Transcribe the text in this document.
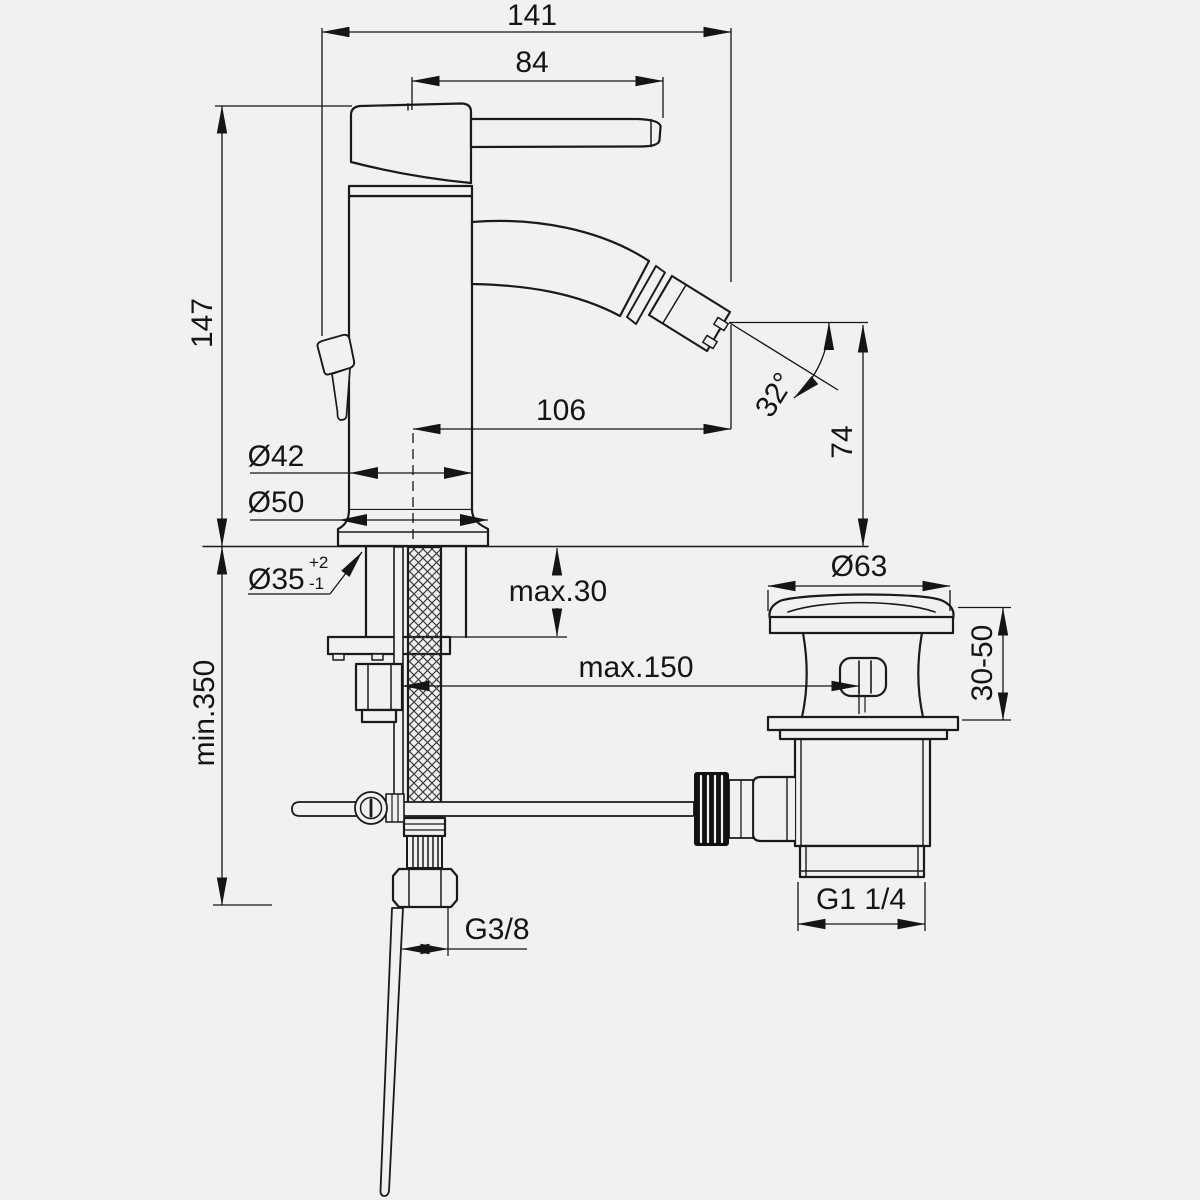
141
84
147
106	32°
74
Ø42
Ø50
Ø35
+2
-1	max.30
max.150
min.350
Ø63
30-50
G1 1/4
G3/8
